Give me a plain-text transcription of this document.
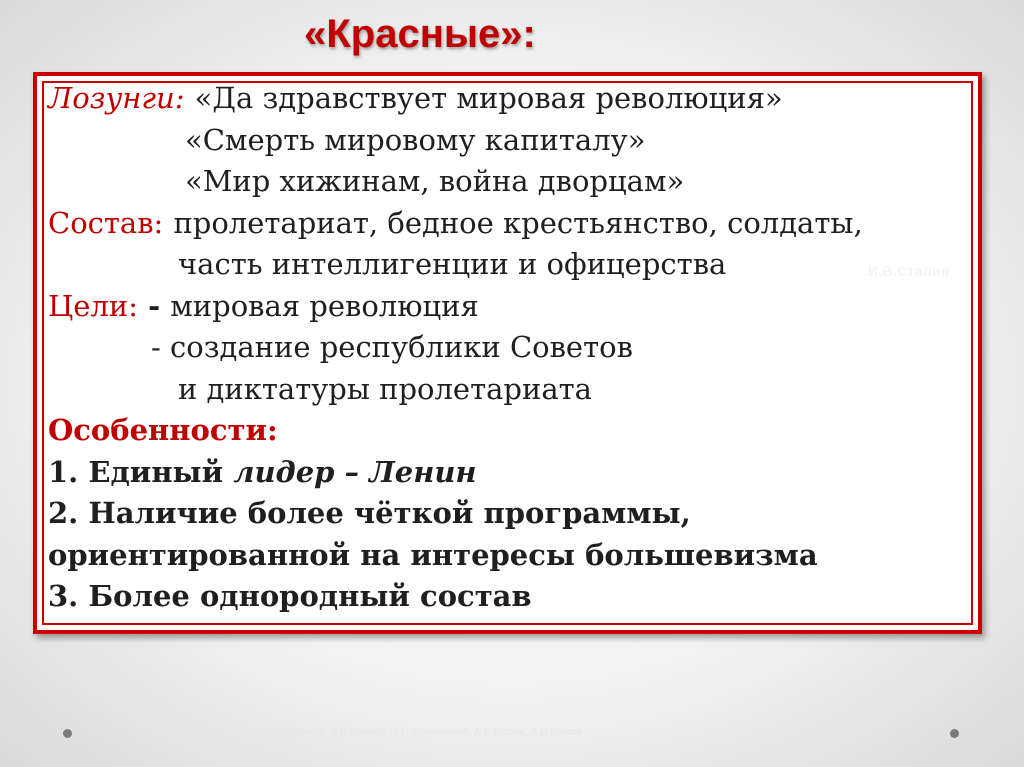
«Красные»:
Лозунги: «Да здравствует мировая революция»
«Смерть мировому капиталу»
«Мир хижинам, война дворцам»
Состав: пролетариат, бедное крестьянство, солдаты,
часть интеллигенции и офицерства
Цели: - мировая революция
- создание республики Советов
и диктатуры пролетариата
Особенности:
1. Единый лидер – Ленин
2. Наличие более чёткой программы,
ориентированной на интересы большевизма
3. Более однородный состав
И.В.Сталин
С.М.Буденный, В.К.Блюхер, М.Н.Тухачевский, А.Е.Егоров, А.И.Егоров
